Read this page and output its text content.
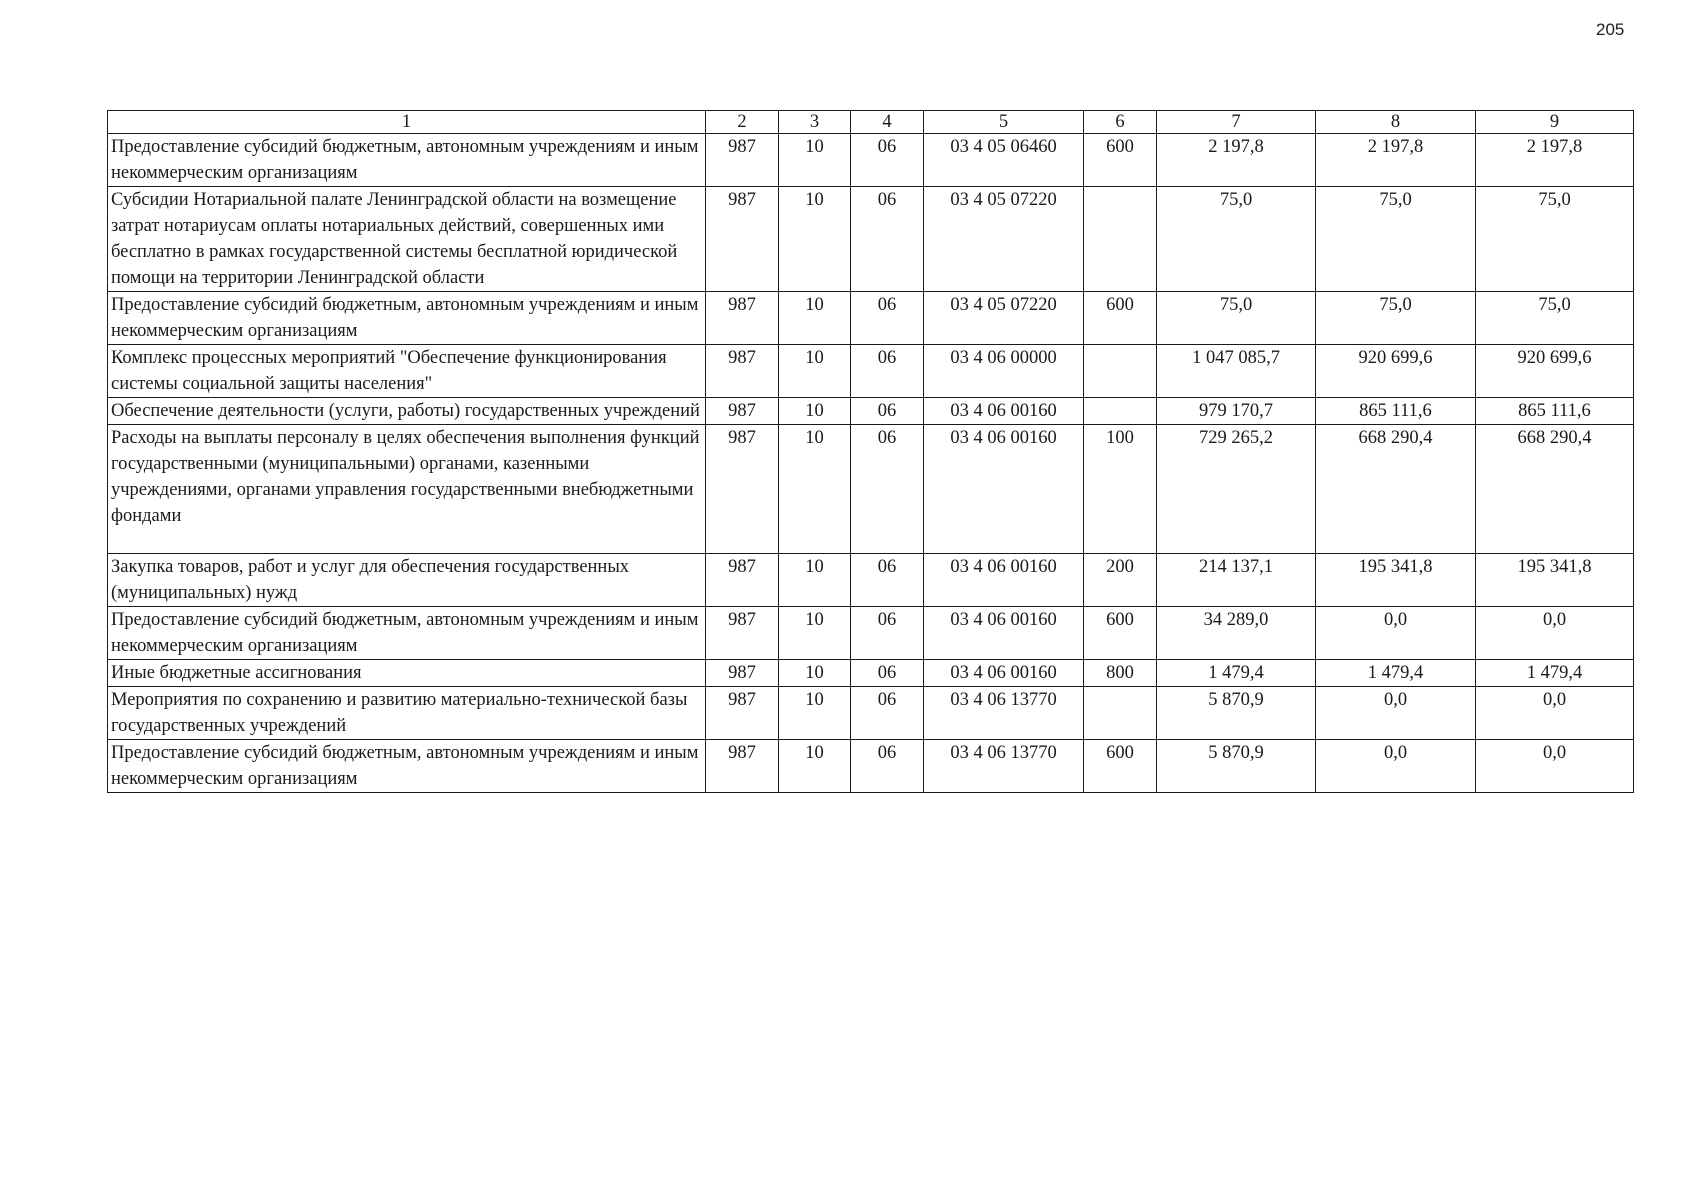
205
1	2	3	4	5	6	7	8	9
Предоставление субсидий бюджетным, автономным учреждениям и иным некоммерческим организациям	987	10	06	03 4 05 06460	600	2 197,8	2 197,8	2 197,8
Субсидии Нотариальной палате Ленинградской области на возмещение затрат нотариусам оплаты нотариальных действий, совершенных ими бесплатно в рамках государственной системы бесплатной юридической помощи на территории Ленинградской области	987	10	06	03 4 05 07220		75,0	75,0	75,0
Предоставление субсидий бюджетным, автономным учреждениям и иным некоммерческим организациям	987	10	06	03 4 05 07220	600	75,0	75,0	75,0
Комплекс процессных мероприятий "Обеспечение функционирования системы социальной защиты населения"	987	10	06	03 4 06 00000		1 047 085,7	920 699,6	920 699,6
Обеспечение деятельности (услуги, работы) государственных учреждений	987	10	06	03 4 06 00160		979 170,7	865 111,6	865 111,6
Расходы на выплаты персоналу в целях обеспечения выполнения функций государственными (муниципальными) органами, казенными учреждениями, органами управления государственными внебюджетными фондами	987	10	06	03 4 06 00160	100	729 265,2	668 290,4	668 290,4
Закупка товаров, работ и услуг для обеспечения государственных (муниципальных) нужд	987	10	06	03 4 06 00160	200	214 137,1	195 341,8	195 341,8
Предоставление субсидий бюджетным, автономным учреждениям и иным некоммерческим организациям	987	10	06	03 4 06 00160	600	34 289,0	0,0	0,0
Иные бюджетные ассигнования	987	10	06	03 4 06 00160	800	1 479,4	1 479,4	1 479,4
Мероприятия по сохранению и развитию материально-технической базы государственных учреждений	987	10	06	03 4 06 13770		5 870,9	0,0	0,0
Предоставление субсидий бюджетным, автономным учреждениям и иным некоммерческим организациям	987	10	06	03 4 06 13770	600	5 870,9	0,0	0,0
